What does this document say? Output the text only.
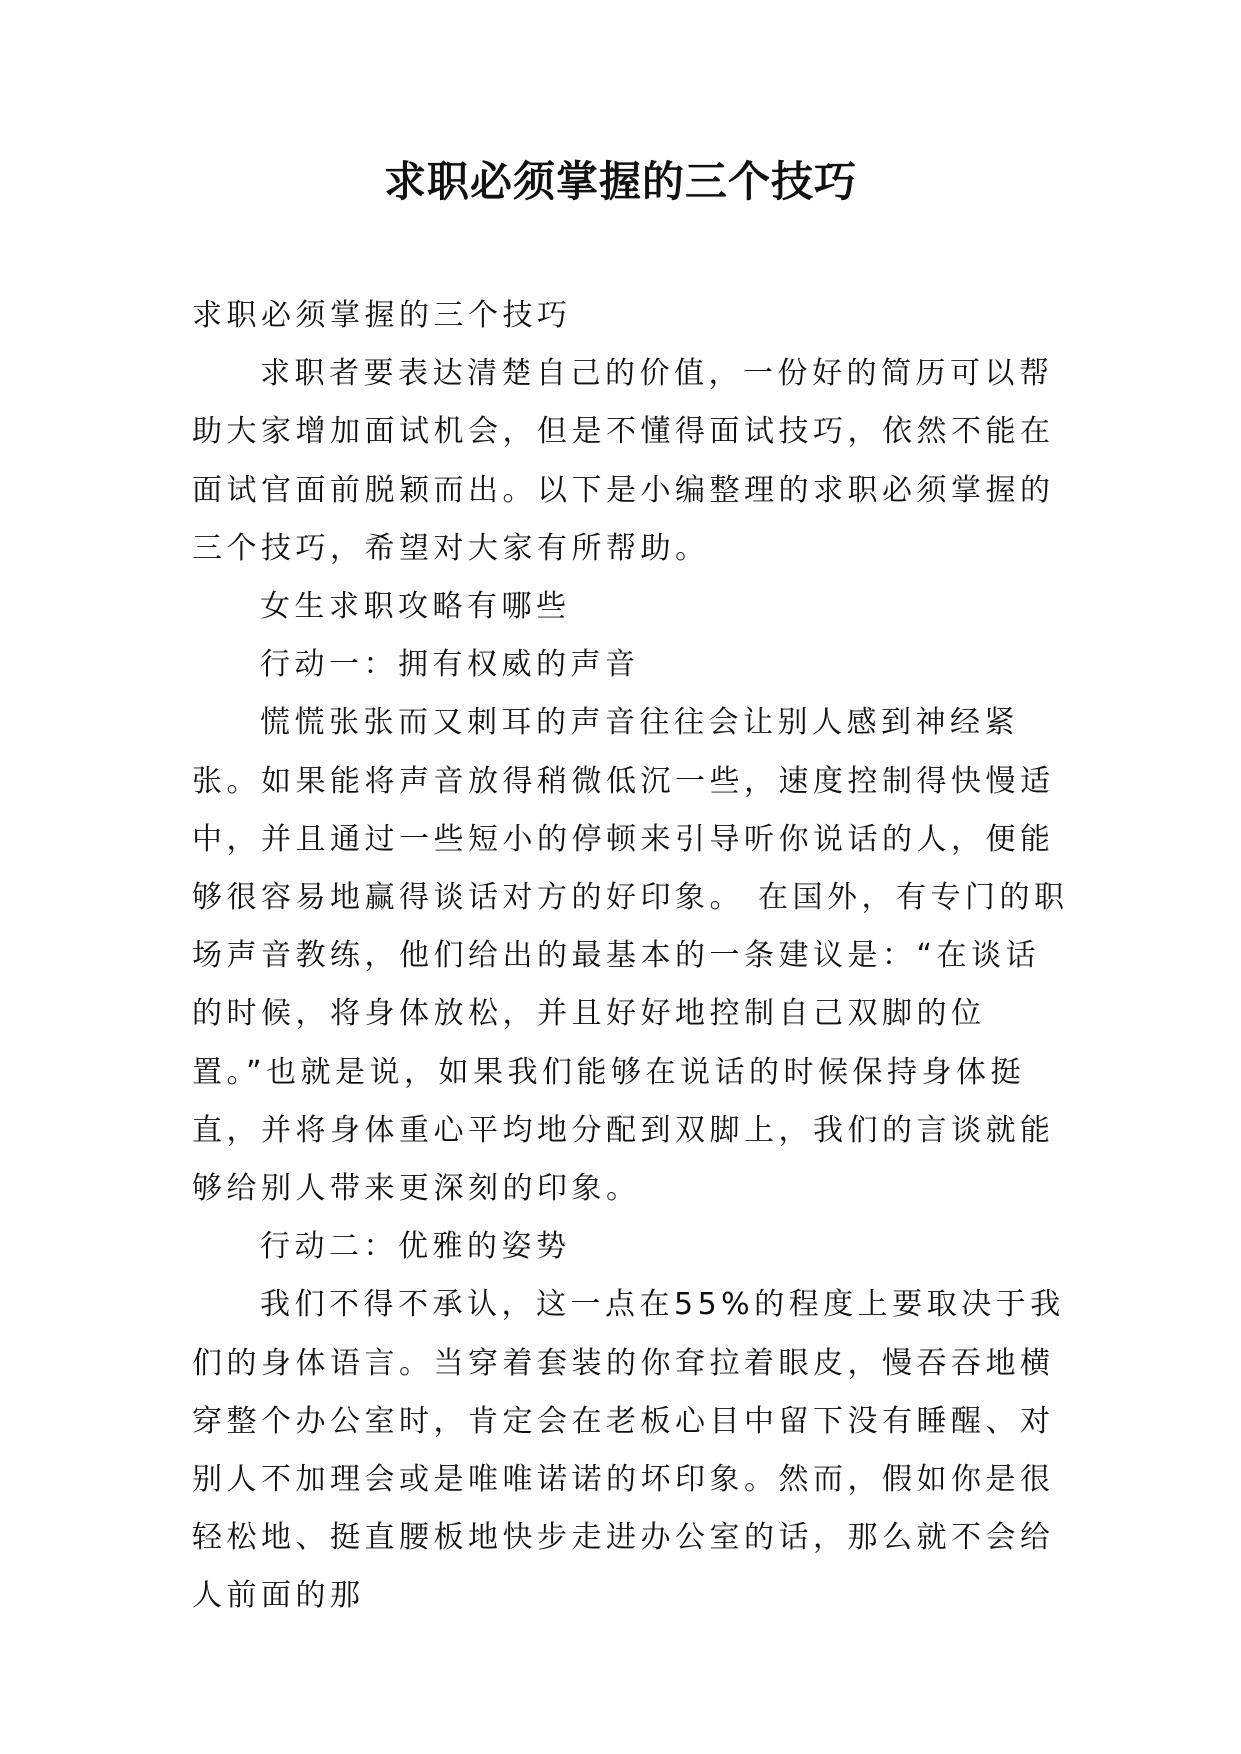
求职必须掌握的三个技巧

求职必须掌握的三个技巧

求职者要表达清楚自己的价值，一份好的简历可以帮助大家增加面试机会，但是不懂得面试技巧，依然不能在面试官面前脱颖而出。以下是小编整理的求职必须掌握的三个技巧，希望对大家有所帮助。

女生求职攻略有哪些

行动一：拥有权威的声音

慌慌张张而又刺耳的声音往往会让别人感到神经紧张。如果能将声音放得稍微低沉一些，速度控制得快慢适中，并且通过一些短小的停顿来引导听你说话的人，便能够很容易地赢得谈话对方的好印象。 在国外，有专门的职场声音教练，他们给出的最基本的一条建议是：“在谈话的时候，将身体放松，并且好好地控制自己双脚的位置。”也就是说，如果我们能够在说话的时候保持身体挺直，并将身体重心平均地分配到双脚上，我们的言谈就能够给别人带来更深刻的印象。

行动二：优雅的姿势

我们不得不承认，这一点在55%的程度上要取决于我们的身体语言。当穿着套装的你耷拉着眼皮，慢吞吞地横穿整个办公室时，肯定会在老板心目中留下没有睡醒、对别人不加理会或是唯唯诺诺的坏印象。然而，假如你是很轻松地、挺直腰板地快步走进办公室的话，那么就不会给人前面的那
